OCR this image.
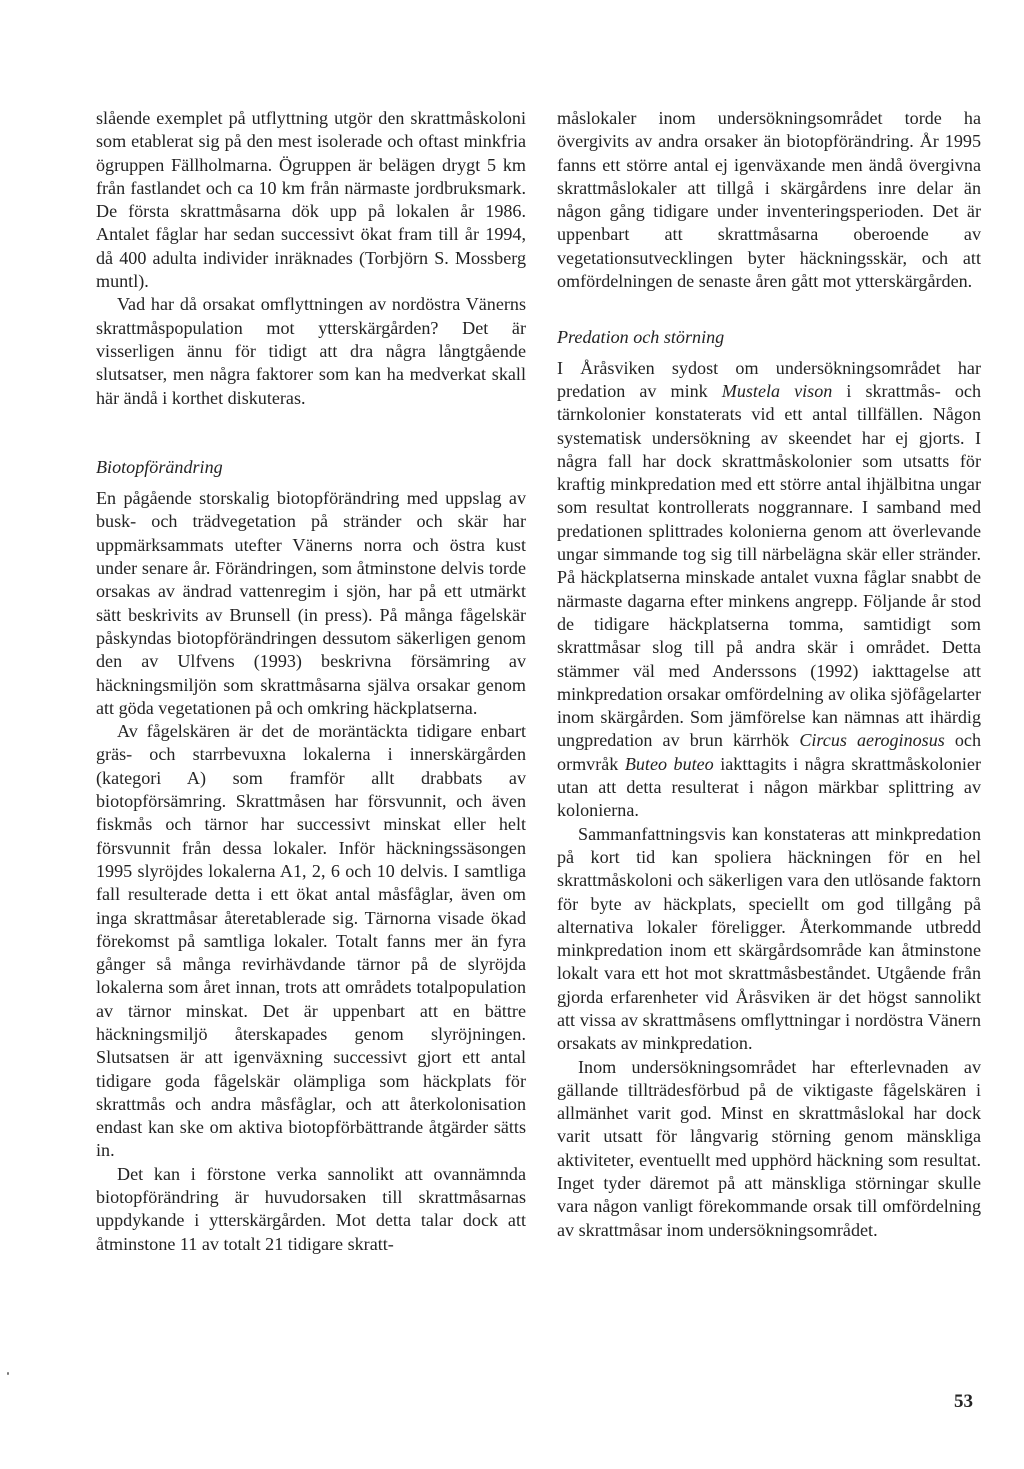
slående exemplet på utflyttning utgör den skrattmåskoloni som etablerat sig på den mest isolerade och oftast minkfria ögruppen Fällholmarna. Ögruppen är belägen drygt 5 km från fastlandet och ca 10 km från närmaste jordbruksmark. De första skrattmåsarna dök upp på lokalen år 1986. Antalet fåglar har sedan successivt ökat fram till år 1994, då 400 adulta individer inräknades (Torbjörn S. Mossberg muntl).

Vad har då orsakat omflyttningen av nordöstra Vänerns skrattmåspopulation mot ytterskärgården? Det är visserligen ännu för tidigt att dra några långtgående slutsatser, men några faktorer som kan ha medverkat skall här ändå i korthet diskuteras.

Biotopförändring

En pågående storskalig biotopförändring med uppslag av busk- och trädvegetation på stränder och skär har uppmärksammats utefter Vänerns norra och östra kust under senare år. Förändringen, som åtminstone delvis torde orsakas av ändrad vattenregim i sjön, har på ett utmärkt sätt beskrivits av Brunsell (in press). På många fågelskär påskyndas biotopförändringen dessutom säkerligen genom den av Ulfvens (1993) beskrivna försämring av häckningsmiljön som skrattmåsarna själva orsakar genom att göda vegetationen på och omkring häckplatserna.

Av fågelskären är det de moräntäckta tidigare enbart gräs- och starrbevuxna lokalerna i innerskärgården (kategori A) som framför allt drabbats av biotopförsämring. Skrattmåsen har försvunnit, och även fiskmås och tärnor har successivt minskat eller helt försvunnit från dessa lokaler. Inför häckningssäsongen 1995 slyröjdes lokalerna A1, 2, 6 och 10 delvis. I samtliga fall resulterade detta i ett ökat antal måsfåglar, även om inga skrattmåsar återetablerade sig. Tärnorna visade ökad förekomst på samtliga lokaler. Totalt fanns mer än fyra gånger så många revirhävdande tärnor på de slyröjda lokalerna som året innan, trots att områdets totalpopulation av tärnor minskat. Det är uppenbart att en bättre häckningsmiljö återskapades genom slyröjningen. Slutsatsen är att igenväxning successivt gjort ett antal tidigare goda fågelskär olämpliga som häckplats för skrattmås och andra måsfåglar, och att återkolonisation endast kan ske om aktiva biotopförbättrande åtgärder sätts in.

Det kan i förstone verka sannolikt att ovannämnda biotopförändring är huvudorsaken till skrattmåsarnas uppdykande i ytterskärgården. Mot detta talar dock att åtminstone 11 av totalt 21 tidigare skratt-

måslokaler inom undersökningsområdet torde ha övergivits av andra orsaker än biotopförändring. År 1995 fanns ett större antal ej igenväxande men ändå övergivna skrattmåslokaler att tillgå i skärgårdens inre delar än någon gång tidigare under inventeringsperioden. Det är uppenbart att skrattmåsarna oberoende av vegetationsutvecklingen byter häckningsskär, och att omfördelningen de senaste åren gått mot ytterskärgården.

Predation och störning

I Åråsviken sydost om undersökningsområdet har predation av mink Mustela vison i skrattmås- och tärnkolonier konstaterats vid ett antal tillfällen. Någon systematisk undersökning av skeendet har ej gjorts. I några fall har dock skrattmåskolonier som utsatts för kraftig minkpredation med ett större antal ihjälbitna ungar som resultat kontrollerats noggrannare. I samband med predationen splittrades kolonierna genom att överlevande ungar simmande tog sig till närbelägna skär eller stränder. På häckplatserna minskade antalet vuxna fåglar snabbt de närmaste dagarna efter minkens angrepp. Följande år stod de tidigare häckplatserna tomma, samtidigt som skrattmåsar slog till på andra skär i området. Detta stämmer väl med Anderssons (1992) iakttagelse att minkpredation orsakar omfördelning av olika sjöfågelarter inom skärgården. Som jämförelse kan nämnas att ihärdig ungpredation av brun kärrhök Circus aeroginosus och ormvråk Buteo buteo iakttagits i några skrattmåskolonier utan att detta resulterat i någon märkbar splittring av kolonierna.

Sammanfattningsvis kan konstateras att minkpredation på kort tid kan spoliera häckningen för en hel skrattmåskoloni och säkerligen vara den utlösande faktorn för byte av häckplats, speciellt om god tillgång på alternativa lokaler föreligger. Återkommande utbredd minkpredation inom ett skärgårdsområde kan åtminstone lokalt vara ett hot mot skrattmåsbeståndet. Utgående från gjorda erfarenheter vid Åråsviken är det högst sannolikt att vissa av skrattmåsens omflyttningar i nordöstra Vänern orsakats av minkpredation.

Inom undersökningsområdet har efterlevnaden av gällande tillträdesförbud på de viktigaste fågelskären i allmänhet varit god. Minst en skrattmåslokal har dock varit utsatt för långvarig störning genom mänskliga aktiviteter, eventuellt med upphörd häckning som resultat. Inget tyder däremot på att mänskliga störningar skulle vara någon vanligt förekommande orsak till omfördelning av skrattmåsar inom undersökningsområdet.

53
